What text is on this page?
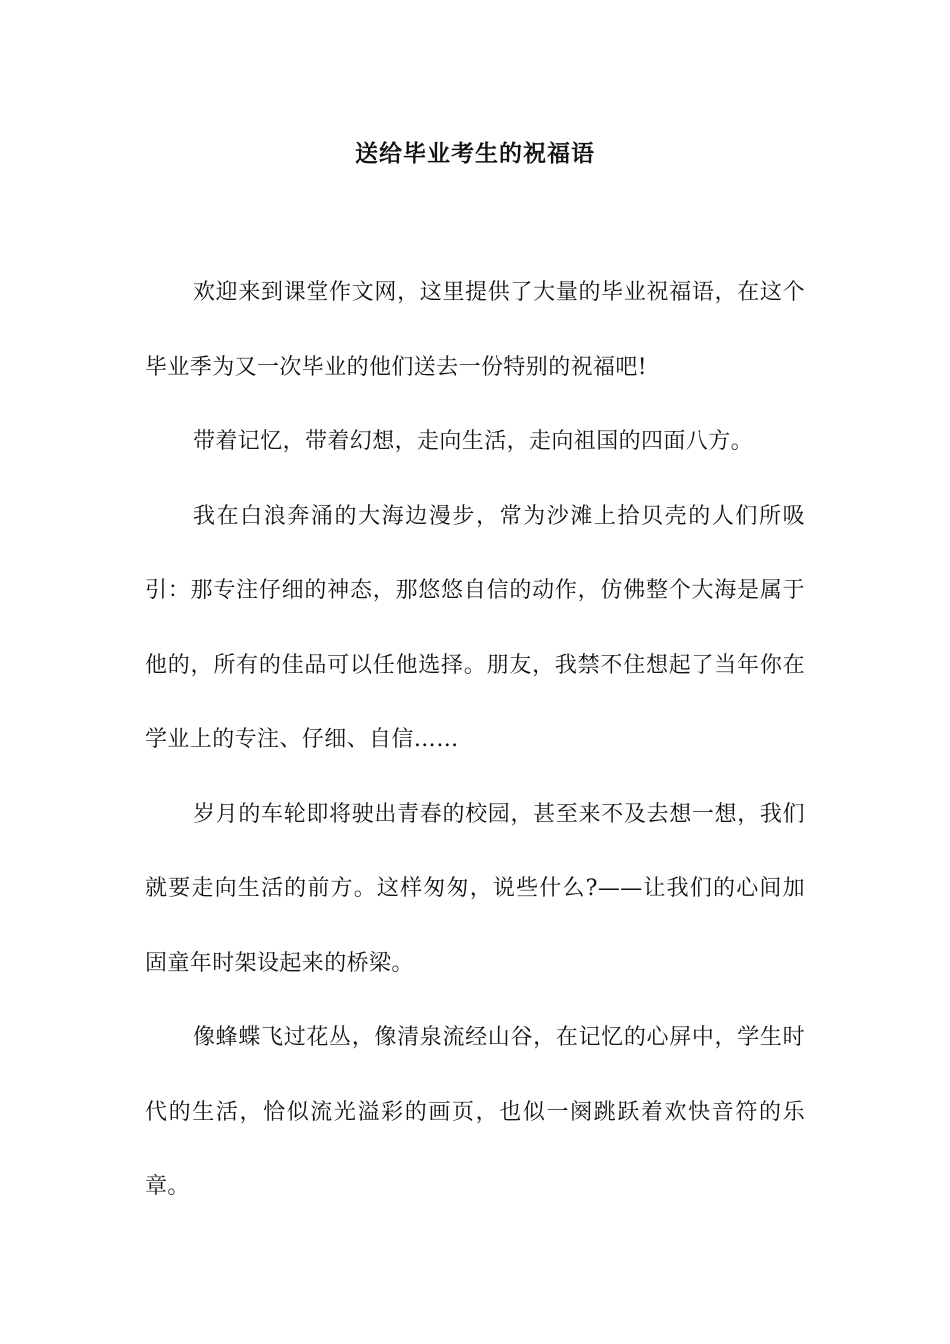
送给毕业考生的祝福语

欢迎来到课堂作文网，这里提供了大量的毕业祝福语，在这个毕业季为又一次毕业的他们送去一份特别的祝福吧!

带着记忆，带着幻想，走向生活，走向祖国的四面八方。

我在白浪奔涌的大海边漫步，常为沙滩上拾贝壳的人们所吸引：那专注仔细的神态，那悠悠自信的动作，仿佛整个大海是属于他的，所有的佳品可以任他选择。朋友，我禁不住想起了当年你在学业上的专注、仔细、自信……

岁月的车轮即将驶出青春的校园，甚至来不及去想一想，我们就要走向生活的前方。这样匆匆，说些什么?——让我们的心间加固童年时架设起来的桥梁。

像蜂蝶飞过花丛，像清泉流经山谷，在记忆的心屏中，学生时代的生活，恰似流光溢彩的画页，也似一阕跳跃着欢快音符的乐章。
